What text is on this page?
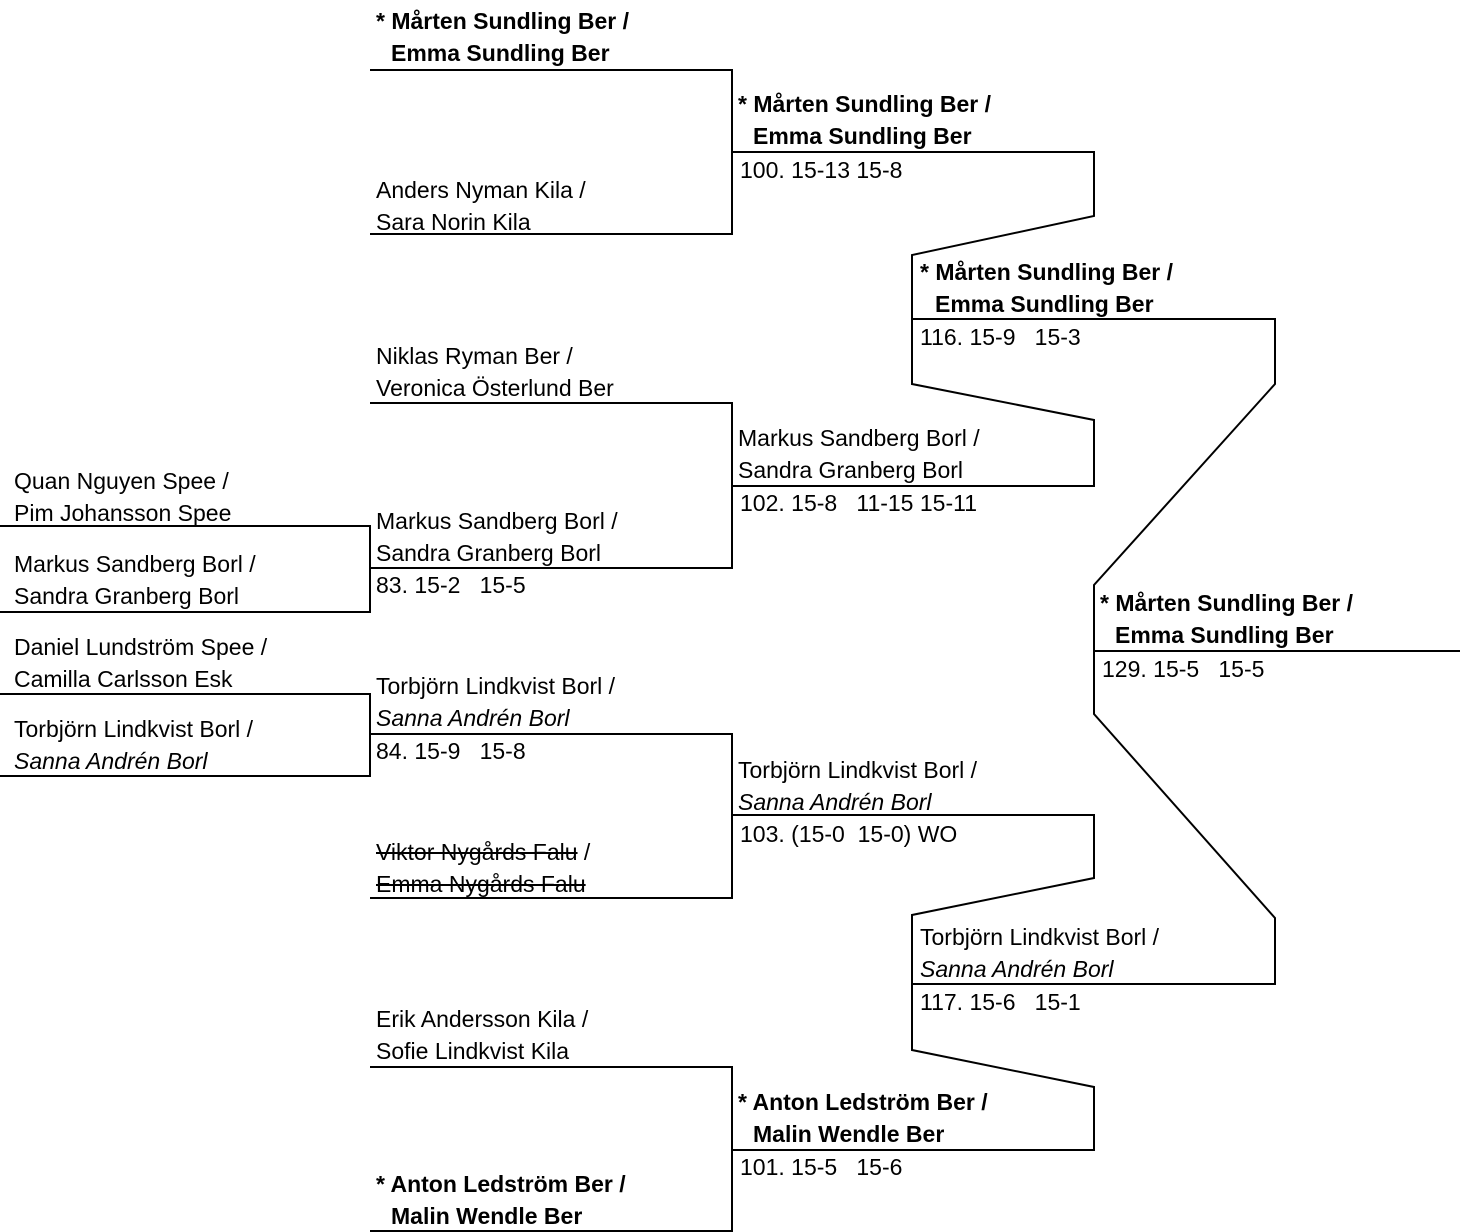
Quan Nguyen Spee /
Pim Johansson Spee
Markus Sandberg Borl /
Sandra Granberg Borl
Daniel Lundström Spee /
Camilla Carlsson Esk
Torbjörn Lindkvist Borl /
Sanna Andrén Borl
* Mårten Sundling Ber /
Emma Sundling Ber
Anders Nyman Kila /
Sara Norin Kila
Niklas Ryman Ber /
Veronica Österlund Ber
Markus Sandberg Borl /
Sandra Granberg Borl
83. 15-2   15-5
Torbjörn Lindkvist Borl /
Sanna Andrén Borl
84. 15-9   15-8
Viktor Nygårds Falu /
Emma Nygårds Falu
Erik Andersson Kila /
Sofie Lindkvist Kila
* Anton Ledström Ber /
Malin Wendle Ber
* Mårten Sundling Ber /
Emma Sundling Ber
100. 15-13 15-8
Markus Sandberg Borl /
Sandra Granberg Borl
102. 15-8   11-15 15-11
Torbjörn Lindkvist Borl /
Sanna Andrén Borl
103. (15-0  15-0) WO
* Anton Ledström Ber /
Malin Wendle Ber
101. 15-5   15-6
* Mårten Sundling Ber /
Emma Sundling Ber
116. 15-9   15-3
Torbjörn Lindkvist Borl /
Sanna Andrén Borl
117. 15-6   15-1
* Mårten Sundling Ber /
Emma Sundling Ber
129. 15-5   15-5
